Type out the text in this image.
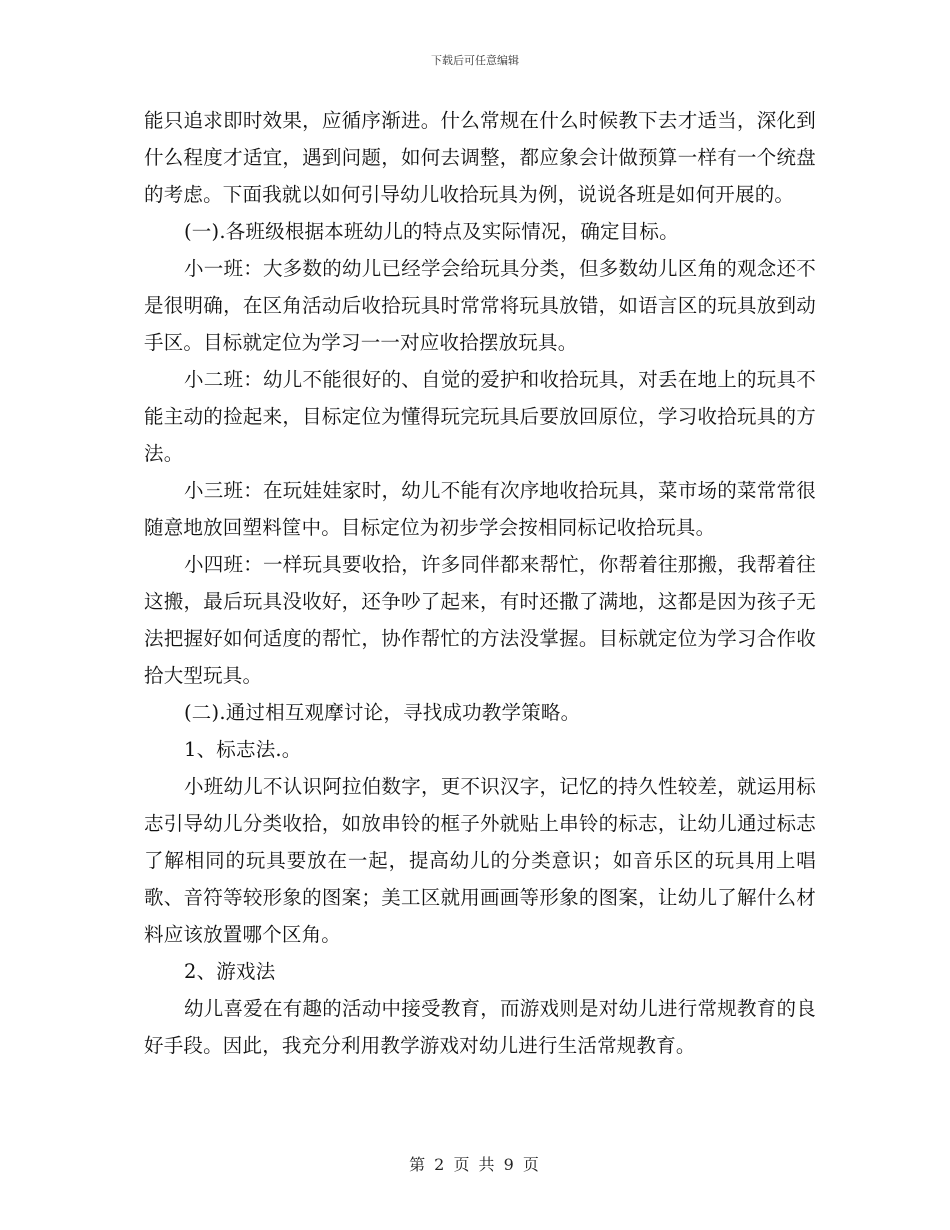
下载后可任意编辑

能只追求即时效果，应循序渐进。什么常规在什么时候教下去才适当，深化到什么程度才适宜，遇到问题，如何去调整，都应象会计做预算一样有一个统盘的考虑。下面我就以如何引导幼儿收拾玩具为例，说说各班是如何开展的。

(一).各班级根据本班幼儿的特点及实际情况，确定目标。

小一班：大多数的幼儿已经学会给玩具分类，但多数幼儿区角的观念还不是很明确，在区角活动后收拾玩具时常常将玩具放错，如语言区的玩具放到动手区。目标就定位为学习一一对应收拾摆放玩具。

小二班：幼儿不能很好的、自觉的爱护和收拾玩具，对丢在地上的玩具不能主动的捡起来，目标定位为懂得玩完玩具后要放回原位，学习收拾玩具的方法。

小三班：在玩娃娃家时，幼儿不能有次序地收拾玩具，菜市场的菜常常很随意地放回塑料筐中。目标定位为初步学会按相同标记收拾玩具。

小四班：一样玩具要收拾，许多同伴都来帮忙，你帮着往那搬，我帮着往这搬，最后玩具没收好，还争吵了起来，有时还撒了满地，这都是因为孩子无法把握好如何适度的帮忙，协作帮忙的方法没掌握。目标就定位为学习合作收拾大型玩具。

(二).通过相互观摩讨论，寻找成功教学策略。

1、标志法.。

小班幼儿不认识阿拉伯数字，更不识汉字，记忆的持久性较差，就运用标志引导幼儿分类收拾，如放串铃的框子外就贴上串铃的标志，让幼儿通过标志了解相同的玩具要放在一起，提高幼儿的分类意识；如音乐区的玩具用上唱歌、音符等较形象的图案；美工区就用画画等形象的图案，让幼儿了解什么材料应该放置哪个区角。

2、游戏法

幼儿喜爱在有趣的活动中接受教育，而游戏则是对幼儿进行常规教育的良好手段。因此，我充分利用教学游戏对幼儿进行生活常规教育。

第 2 页 共 9 页
